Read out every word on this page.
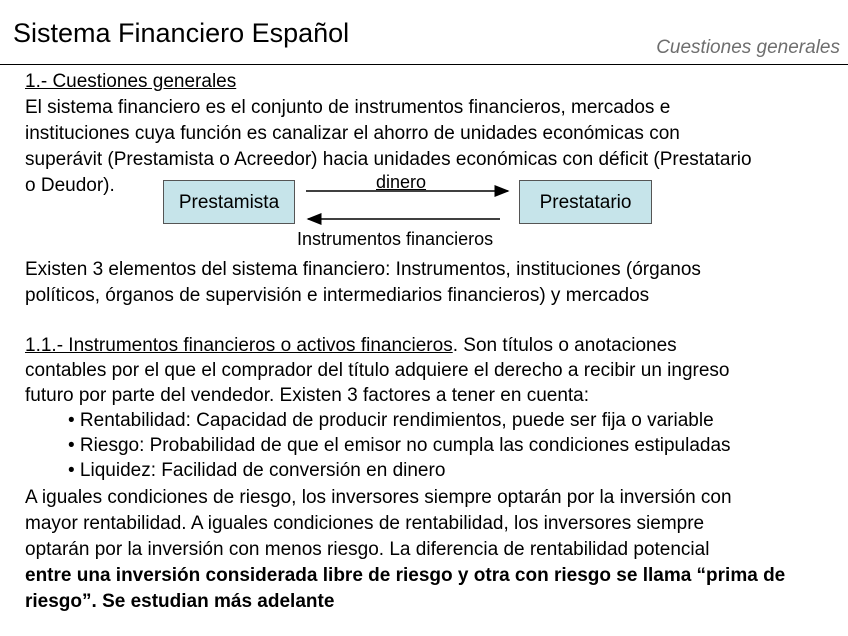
Sistema Financiero Español	Cuestiones generales
1.- Cuestiones generales
El sistema financiero es el conjunto de instrumentos financieros, mercados e
instituciones cuya función es canalizar el ahorro de unidades económicas con
superávit (Prestamista o Acreedor) hacia unidades económicas con déficit (Prestatario
o Deudor).
Prestamista	Prestatario
dinero
Instrumentos financieros
Existen 3 elementos del sistema financiero: Instrumentos, instituciones (órganos
políticos, órganos de supervisión e intermediarios financieros) y mercados
1.1.- Instrumentos financieros o activos financieros. Son títulos o anotaciones
contables por el que el comprador del título adquiere el derecho a recibir un ingreso
futuro por parte del vendedor. Existen 3 factores a tener en cuenta:
• Rentabilidad: Capacidad de producir rendimientos, puede ser fija o variable
• Riesgo: Probabilidad de que el emisor no cumpla las condiciones estipuladas
• Liquidez: Facilidad de conversión en dinero
A iguales condiciones de riesgo, los inversores siempre optarán por la inversión con
mayor rentabilidad. A iguales condiciones de rentabilidad, los inversores siempre
optarán por la inversión con menos riesgo. La diferencia de rentabilidad potencial
entre una inversión considerada libre de riesgo y otra con riesgo se llama “prima de
riesgo”. Se estudian más adelante
